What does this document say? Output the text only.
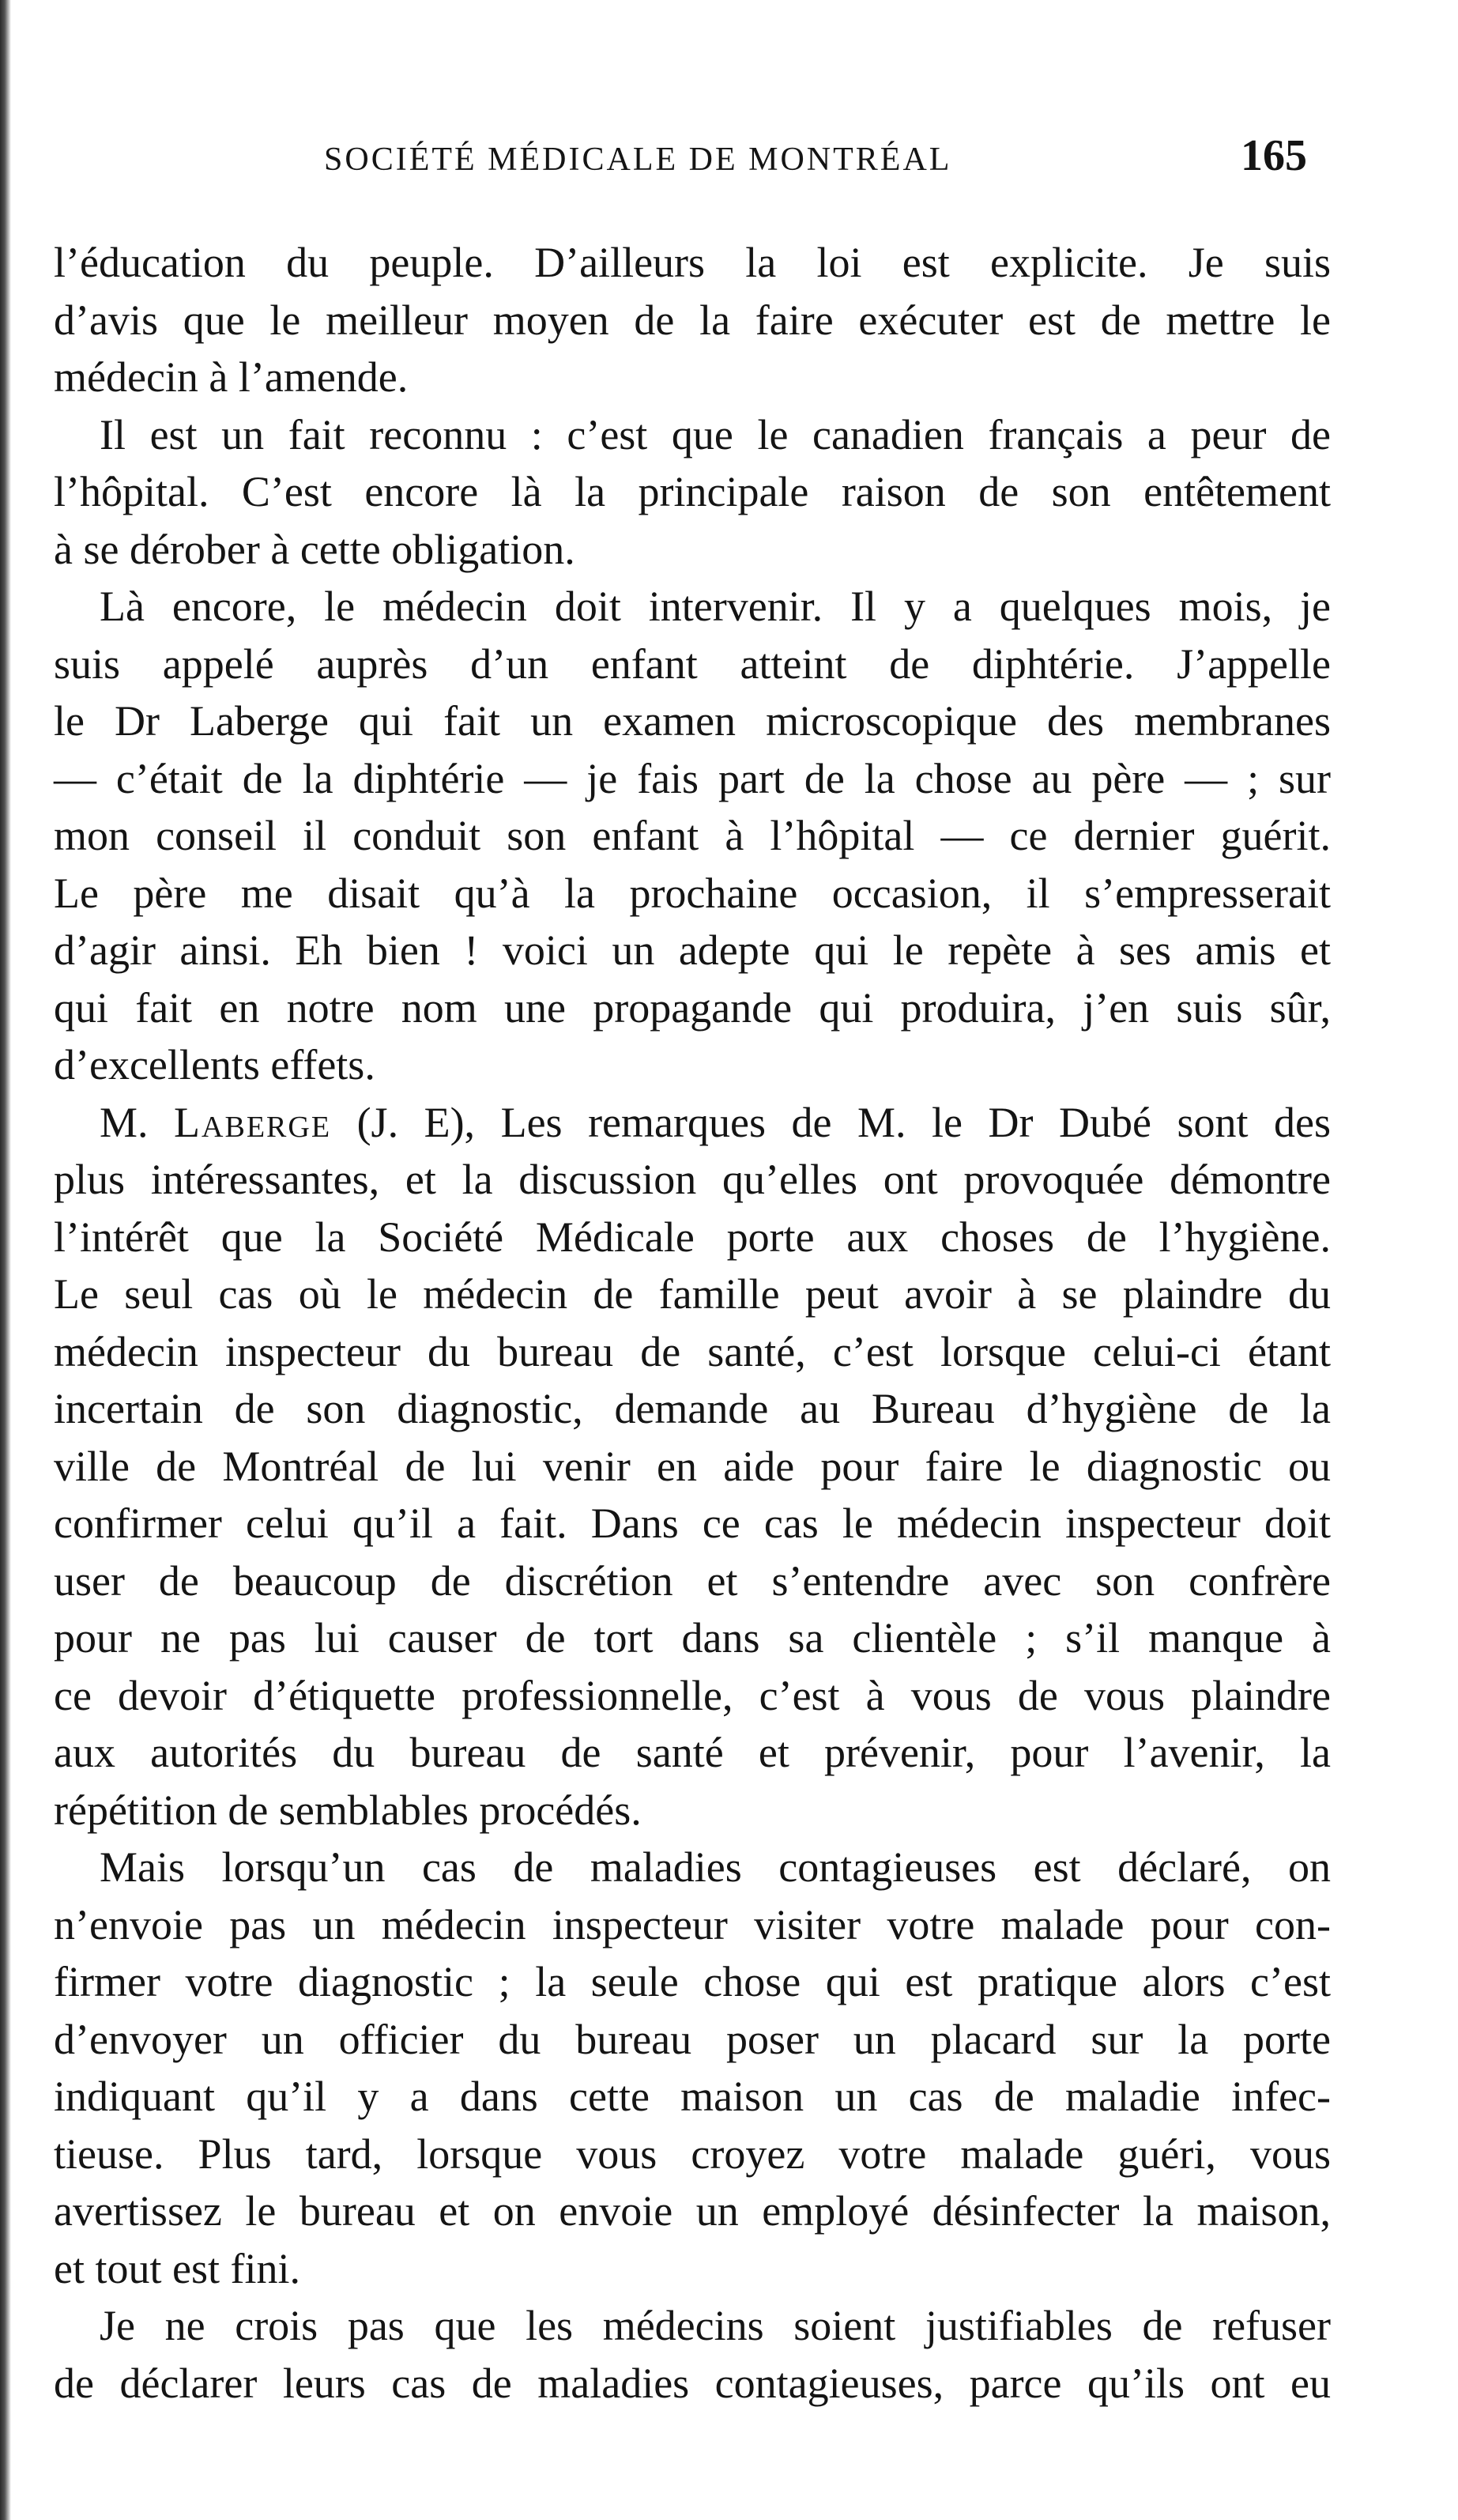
SOCIÉTÉ MÉDICALE DE MONTRÉAL	165

l’éducation du peuple. D’ailleurs la loi est explicite. Je suis
d’avis que le meilleur moyen de la faire exécuter est de mettre le
médecin à l’amende.

Il est un fait reconnu : c’est que le canadien français a peur de
l’hôpital. C’est encore là la principale raison de son entêtement
à se dérober à cette obligation.

Là encore, le médecin doit intervenir. Il y a quelques mois, je
suis appelé auprès d’un enfant atteint de diphtérie. J’appelle
le Dr Laberge qui fait un examen microscopique des membranes
— c’était de la diphtérie — je fais part de la chose au père — ; sur
mon conseil il conduit son enfant à l’hôpital — ce dernier guérit.
Le père me disait qu’à la prochaine occasion, il s’empresserait
d’agir ainsi. Eh bien ! voici un adepte qui le repète à ses amis et
qui fait en notre nom une propagande qui produira, j’en suis sûr,
d’excellents effets.

M. Laberge (J. E), Les remarques de M. le Dr Dubé sont des
plus intéressantes, et la discussion qu’elles ont provoquée démontre
l’intérêt que la Société Médicale porte aux choses de l’hygiène.
Le seul cas où le médecin de famille peut avoir à se plaindre du
médecin inspecteur du bureau de santé, c’est lorsque celui-ci étant
incertain de son diagnostic, demande au Bureau d’hygiène de la
ville de Montréal de lui venir en aide pour faire le diagnostic ou
confirmer celui qu’il a fait. Dans ce cas le médecin inspecteur doit
user de beaucoup de discrétion et s’entendre avec son confrère
pour ne pas lui causer de tort dans sa clientèle ; s’il manque à
ce devoir d’étiquette professionnelle, c’est à vous de vous plaindre
aux autorités du bureau de santé et prévenir, pour l’avenir, la
répétition de semblables procédés.

Mais lorsqu’un cas de maladies contagieuses est déclaré, on
n’envoie pas un médecin inspecteur visiter votre malade pour con-
firmer votre diagnostic ; la seule chose qui est pratique alors c’est
d’envoyer un officier du bureau poser un placard sur la porte
indiquant qu’il y a dans cette maison un cas de maladie infec-
tieuse. Plus tard, lorsque vous croyez votre malade guéri, vous
avertissez le bureau et on envoie un employé désinfecter la maison,
et tout est fini.

Je ne crois pas que les médecins soient justifiables de refuser
de déclarer leurs cas de maladies contagieuses, parce qu’ils ont eu
